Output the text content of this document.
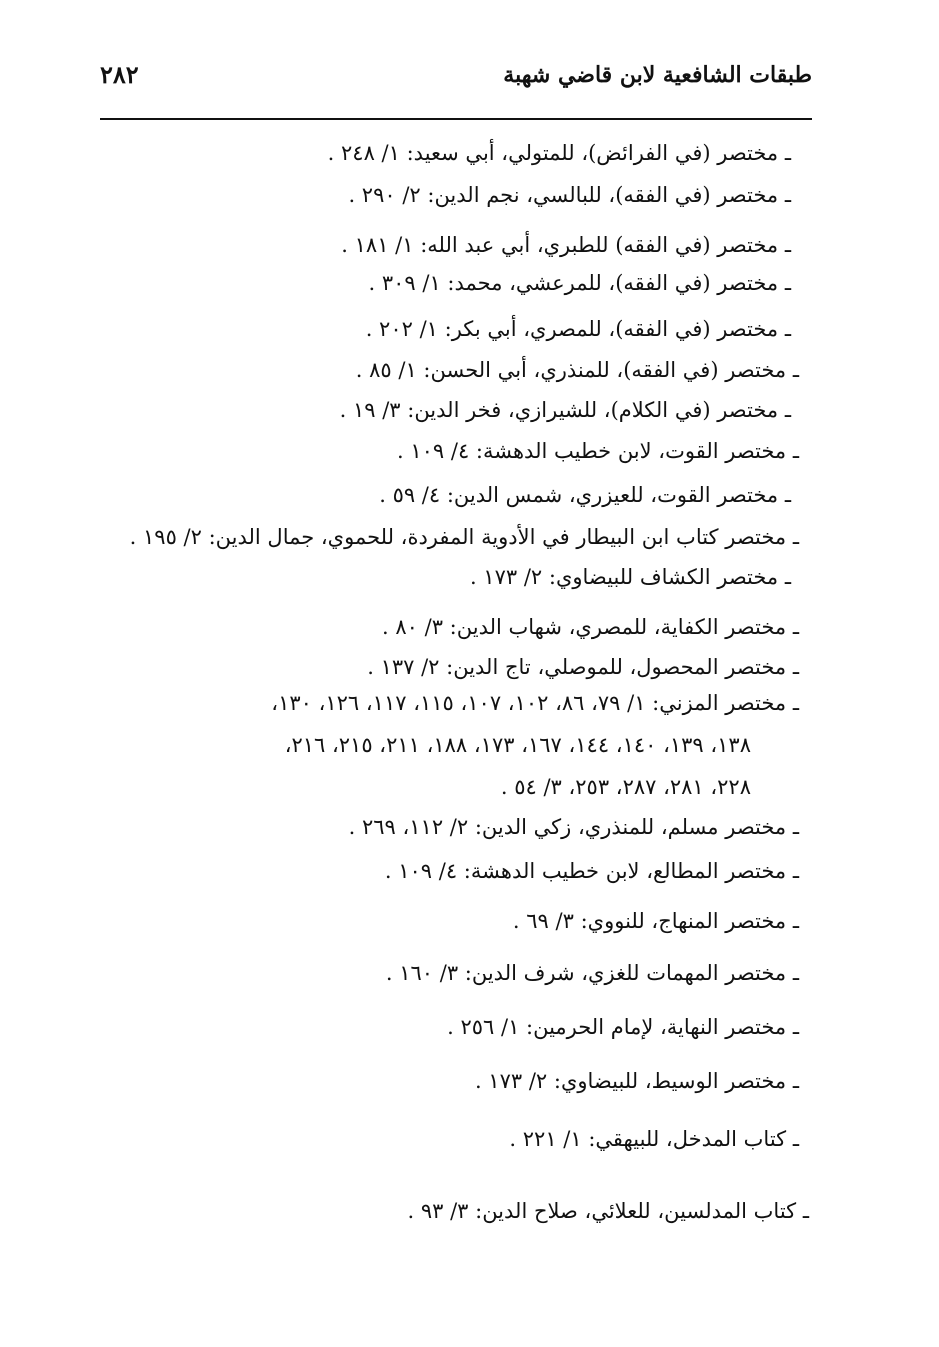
٢٨٢	طبقات الشافعية لابن قاضي شهبة
ـ مختصر (في الفرائض)، للمتولي، أبي سعيد: ١/ ٢٤٨ .
ـ مختصر (في الفقه)، للبالسي، نجم الدين: ٢/ ٢٩٠ .
ـ مختصر (في الفقه) للطبري، أبي عبد الله: ١/ ١٨١ .
ـ مختصر (في الفقه)، للمرعشي، محمد: ١/ ٣٠٩ .
ـ مختصر (في الفقه)، للمصري، أبي بكر: ١/ ٢٠٢ .
ـ مختصر (في الفقه)، للمنذري، أبي الحسن: ١/ ٨٥ .
ـ مختصر (في الكلام)، للشيرازي، فخر الدين: ٣/ ١٩ .
ـ مختصر القوت، لابن خطيب الدهشة: ٤/ ١٠٩ .
ـ مختصر القوت، للعيزري، شمس الدين: ٤/ ٥٩ .
ـ مختصر كتاب ابن البيطار في الأدوية المفردة، للحموي، جمال الدين: ٢/ ١٩٥ .
ـ مختصر الكشاف للبيضاوي: ٢/ ١٧٣ .
ـ مختصر الكفاية، للمصري، شهاب الدين: ٣/ ٨٠ .
ـ مختصر المحصول، للموصلي، تاج الدين: ٢/ ١٣٧ .
ـ مختصر المزني: ١/ ٧٩، ٨٦، ١٠٢، ١٠٧، ١١٥، ١١٧، ١٢٦، ١٣٠،
١٣٨، ١٣٩، ١٤٠، ١٤٤، ١٦٧، ١٧٣، ١٨٨، ٢١١، ٢١٥، ٢١٦،
٢٢٨، ٢٨١، ٢٨٧، ٢٥٣، ٣/ ٥٤ .
ـ مختصر مسلم، للمنذري، زكي الدين: ٢/ ١١٢، ٢٦٩ .
ـ مختصر المطالع، لابن خطيب الدهشة: ٤/ ١٠٩ .
ـ مختصر المنهاج، للنووي: ٣/ ٦٩ .
ـ مختصر المهمات للغزي، شرف الدين: ٣/ ١٦٠ .
ـ مختصر النهاية، لإمام الحرمين: ١/ ٢٥٦ .
ـ مختصر الوسيط، للبيضاوي: ٢/ ١٧٣ .
ـ كتاب المدخل، للبيهقي: ١/ ٢٢١ .
ـ كتاب المدلسين، للعلائي، صلاح الدين: ٣/ ٩٣ .
